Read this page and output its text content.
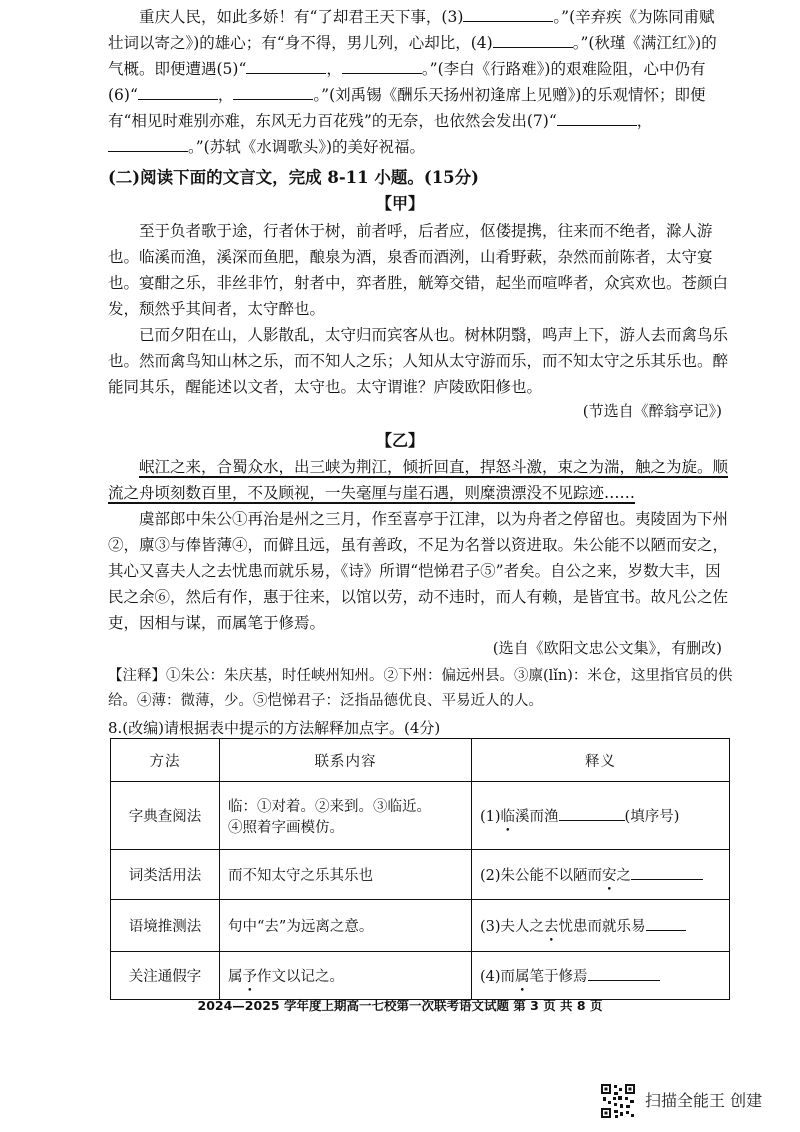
重庆人民，如此多娇！有“了却君王天下事，(3)	。”(辛弃疾《为陈同甫赋壮词以寄之》)的雄心；有“身不得，男儿列，心却比，(4)	。”(秋瑾《满江红》)的气概。即便遭遇(5)“	，	。”(李白《行路难》)的艰难险阻，心中仍有(6)“	，	。”(刘禹锡《酬乐天扬州初逢席上见赠》)的乐观情怀；即便有“相见时难别亦难，东风无力百花残”的无奈，也依然会发出(7)“	，。”(苏轼《水调歌头》)的美好祝福。

(二)阅读下面的文言文，完成 8-11 小题。(15分)
【甲】

至于负者歌于途，行者休于树，前者呼，后者应，伛偻提携，往来而不绝者，滁人游也。临溪而渔，溪深而鱼肥，酿泉为酒，泉香而酒洌，山肴野蔌，杂然而前陈者，太守宴也。宴酣之乐，非丝非竹，射者中，弈者胜，觥筹交错，起坐而喧哗者，众宾欢也。苍颜白发，颓然乎其间者，太守醉也。

已而夕阳在山，人影散乱，太守归而宾客从也。树林阴翳，鸣声上下，游人去而禽鸟乐也。然而禽鸟知山林之乐，而不知人之乐；人知从太守游而乐，而不知太守之乐其乐也。醉能同其乐，醒能述以文者，太守也。太守谓谁？庐陵欧阳修也。

(节选自《醉翁亭记》)
【乙】

岷江之来，合蜀众水，出三峡为荆江，倾折回直，捍怒斗激，束之为湍，触之为旋。顺流之舟顷刻数百里，不及顾视，一失毫厘与崖石遇，则糜溃漂没不见踪迹……

虞部郎中朱公①再治是州之三月，作至喜亭于江津，以为舟者之停留也。夷陵固为下州②，廪③与俸皆薄④，而僻且远，虽有善政，不足为名誉以资进取。朱公能不以陋而安之，其心又喜夫人之去忧患而就乐易，《诗》所谓“恺悌君子⑤”者矣。自公之来，岁数大丰，因民之余⑥，然后有作，惠于往来，以馆以劳，动不违时，而人有赖，是皆宜书。故凡公之佐吏，因相与谋，而属笔于修焉。

(选自《欧阳文忠公文集》，有删改)
【注释】①朱公：朱庆基，时任峡州知州。②下州：偏远州县。③廪(lǐn)：米仓，这里指官员的供给。④薄：微薄，少。⑤恺悌君子：泛指品德优良、平易近人的人。
8.(改编)请根据表中提示的方法解释加点字。(4分)
方法	联系内容	释义
字典查阅法	临：①对着。②来到。③临近。
④照着字画模仿。	(1)临溪而渔 (填序号)
词类活用法	而不知太守之乐其乐也	(2)朱公能不以陋而安之
语境推测法	句中“去”为远离之意。	(3)夫人之去忧患而就乐易
关注通假字	属予作文以记之。	(4)而属笔于修焉
2024—2025 学年度上期高一七校第一次联考语文试题 第 3 页 共 8 页
扫描全能王 创建
